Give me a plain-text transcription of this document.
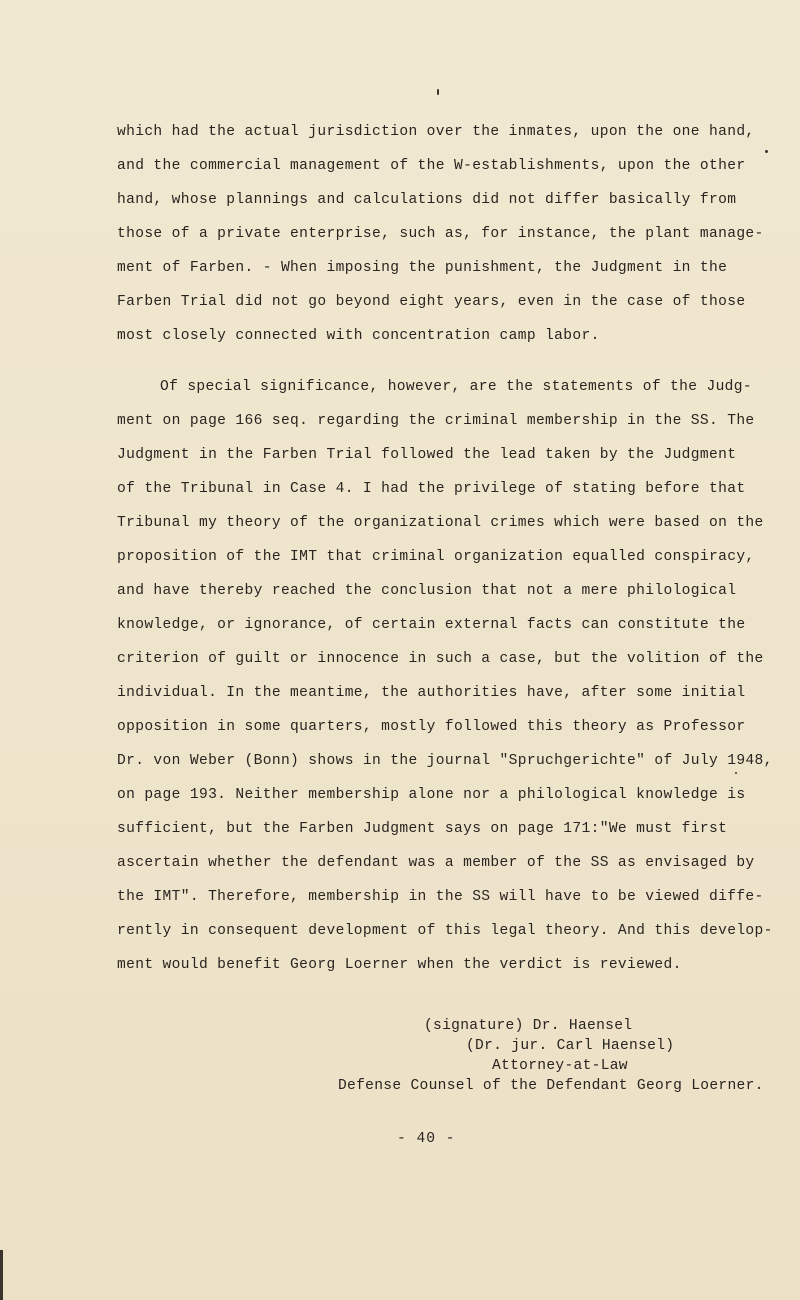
which had the actual jurisdiction over the inmates, upon the one hand,
and the commercial management of the W-establishments, upon the other
hand, whose plannings and calculations did not differ basically from
those of a private enterprise, such as, for instance, the plant manage-
ment of Farben. - When imposing the punishment, the Judgment in the
Farben Trial did not go beyond eight years, even in the case of those
most closely connected with concentration camp labor.
Of special significance, however, are the statements of the Judg-
ment on page 166 seq. regarding the criminal membership in the SS. The
Judgment in the Farben Trial followed the lead taken by the Judgment
of the Tribunal in Case 4. I had the privilege of stating before that
Tribunal my theory of the organizational crimes which were based on the
proposition of the IMT that criminal organization equalled conspiracy,
and have thereby reached the conclusion that not a mere philological
knowledge, or ignorance, of certain external facts can constitute the
criterion of guilt or innocence in such a case, but the volition of the
individual. In the meantime, the authorities have, after some initial
opposition in some quarters, mostly followed this theory as Professor
Dr. von Weber (Bonn) shows in the journal "Spruchgerichte" of July 1948,
on page 193. Neither membership alone nor a philological knowledge is
sufficient, but the Farben Judgment says on page 171:"We must first
ascertain whether the defendant was a member of the SS as envisaged by
the IMT". Therefore, membership in the SS will have to be viewed diffe-
rently in consequent development of this legal theory. And this develop-
ment would benefit Georg Loerner when the verdict is reviewed.
(signature) Dr. Haensel
(Dr. jur. Carl Haensel)
Attorney-at-Law
Defense Counsel of the Defendant Georg Loerner.
- 40 -
